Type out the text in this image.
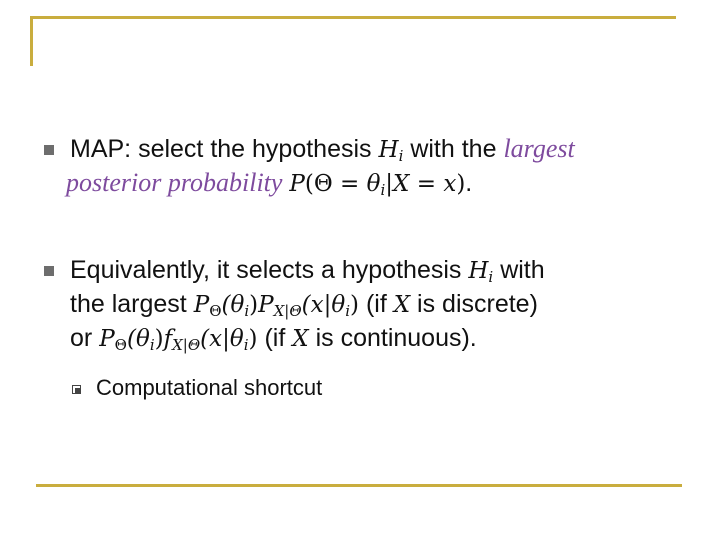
MAP: select the hypothesis $H_i$ with the largest
posterior probability $P(\Theta = \theta_i|X = x)$.
Equivalently, it selects a hypothesis $H_i$ with
the largest $P_\Theta(\theta_i)P_{X|\Theta}(x|\theta_i)$ (if X is discrete)
or $P_\Theta(\theta_i)f_{X|\Theta}(x|\theta_i)$ (if X is continuous).
Computational shortcut
